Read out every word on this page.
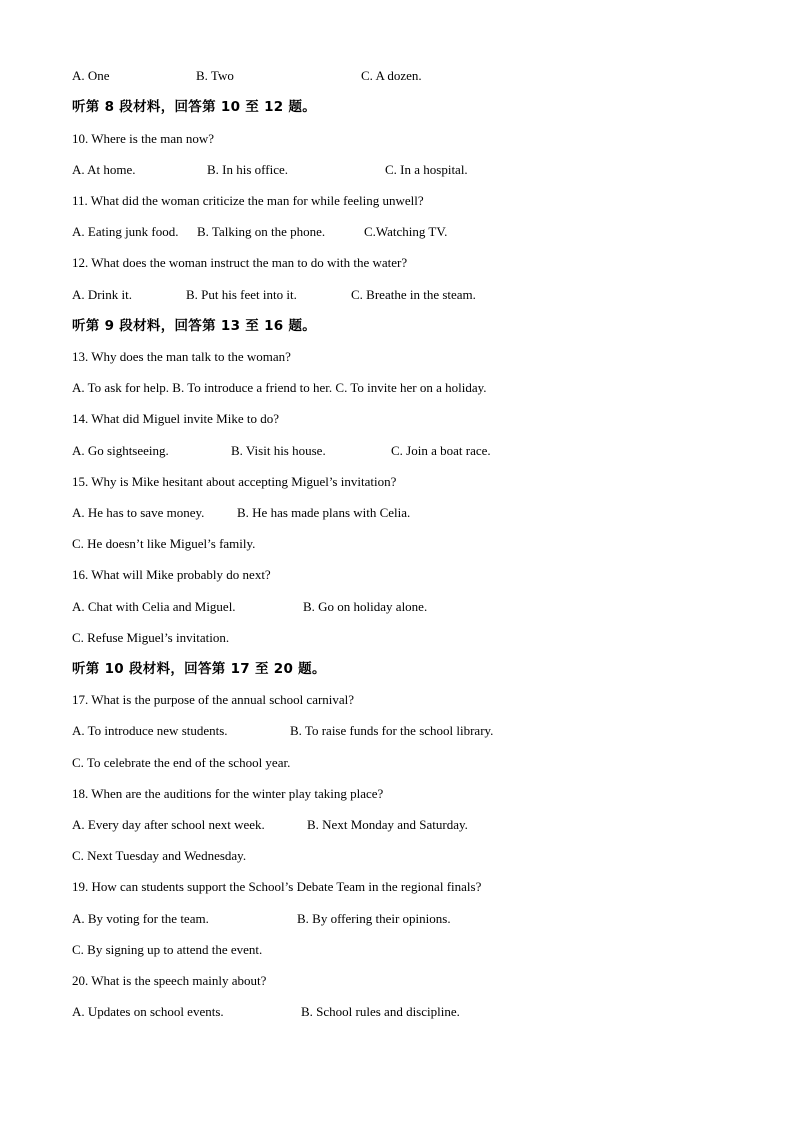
A. One	B. Two	C. A dozen.
听第 8 段材料，回答第 10 至 12 题。
10. Where is the man now?
A. At home.	B. In his office.	C. In a hospital.
11. What did the woman criticize the man for while feeling unwell?
A. Eating junk food. B. Talking on the phone.	C.Watching TV.
12. What does the woman instruct the man to do with the water?
A. Drink it.	B. Put his feet into it.	C. Breathe in the steam.
听第 9 段材料，回答第 13 至 16 题。
13. Why does the man talk to the woman?
A. To ask for help. B. To introduce a friend to her. C. To invite her on a holiday.
14. What did Miguel invite Mike to do?
A. Go sightseeing.	B. Visit his house.	C. Join a boat race.
15. Why is Mike hesitant about accepting Miguel’s invitation?
A. He has to save money.	B. He has made plans with Celia.
C. He doesn’t like Miguel’s family.
16. What will Mike probably do next?
A. Chat with Celia and Miguel.	B. Go on holiday alone.
C. Refuse Miguel’s invitation.
听第 10 段材料，回答第 17 至 20 题。
17. What is the purpose of the annual school carnival?
A. To introduce new students.	B. To raise funds for the school library.
C. To celebrate the end of the school year.
18. When are the auditions for the winter play taking place?
A. Every day after school next week.	B. Next Monday and Saturday.
C. Next Tuesday and Wednesday.
19. How can students support the School’s Debate Team in the regional finals?
A. By voting for the team.	B. By offering their opinions.
C. By signing up to attend the event.
20. What is the speech mainly about?
A. Updates on school events.	B. School rules and discipline.
